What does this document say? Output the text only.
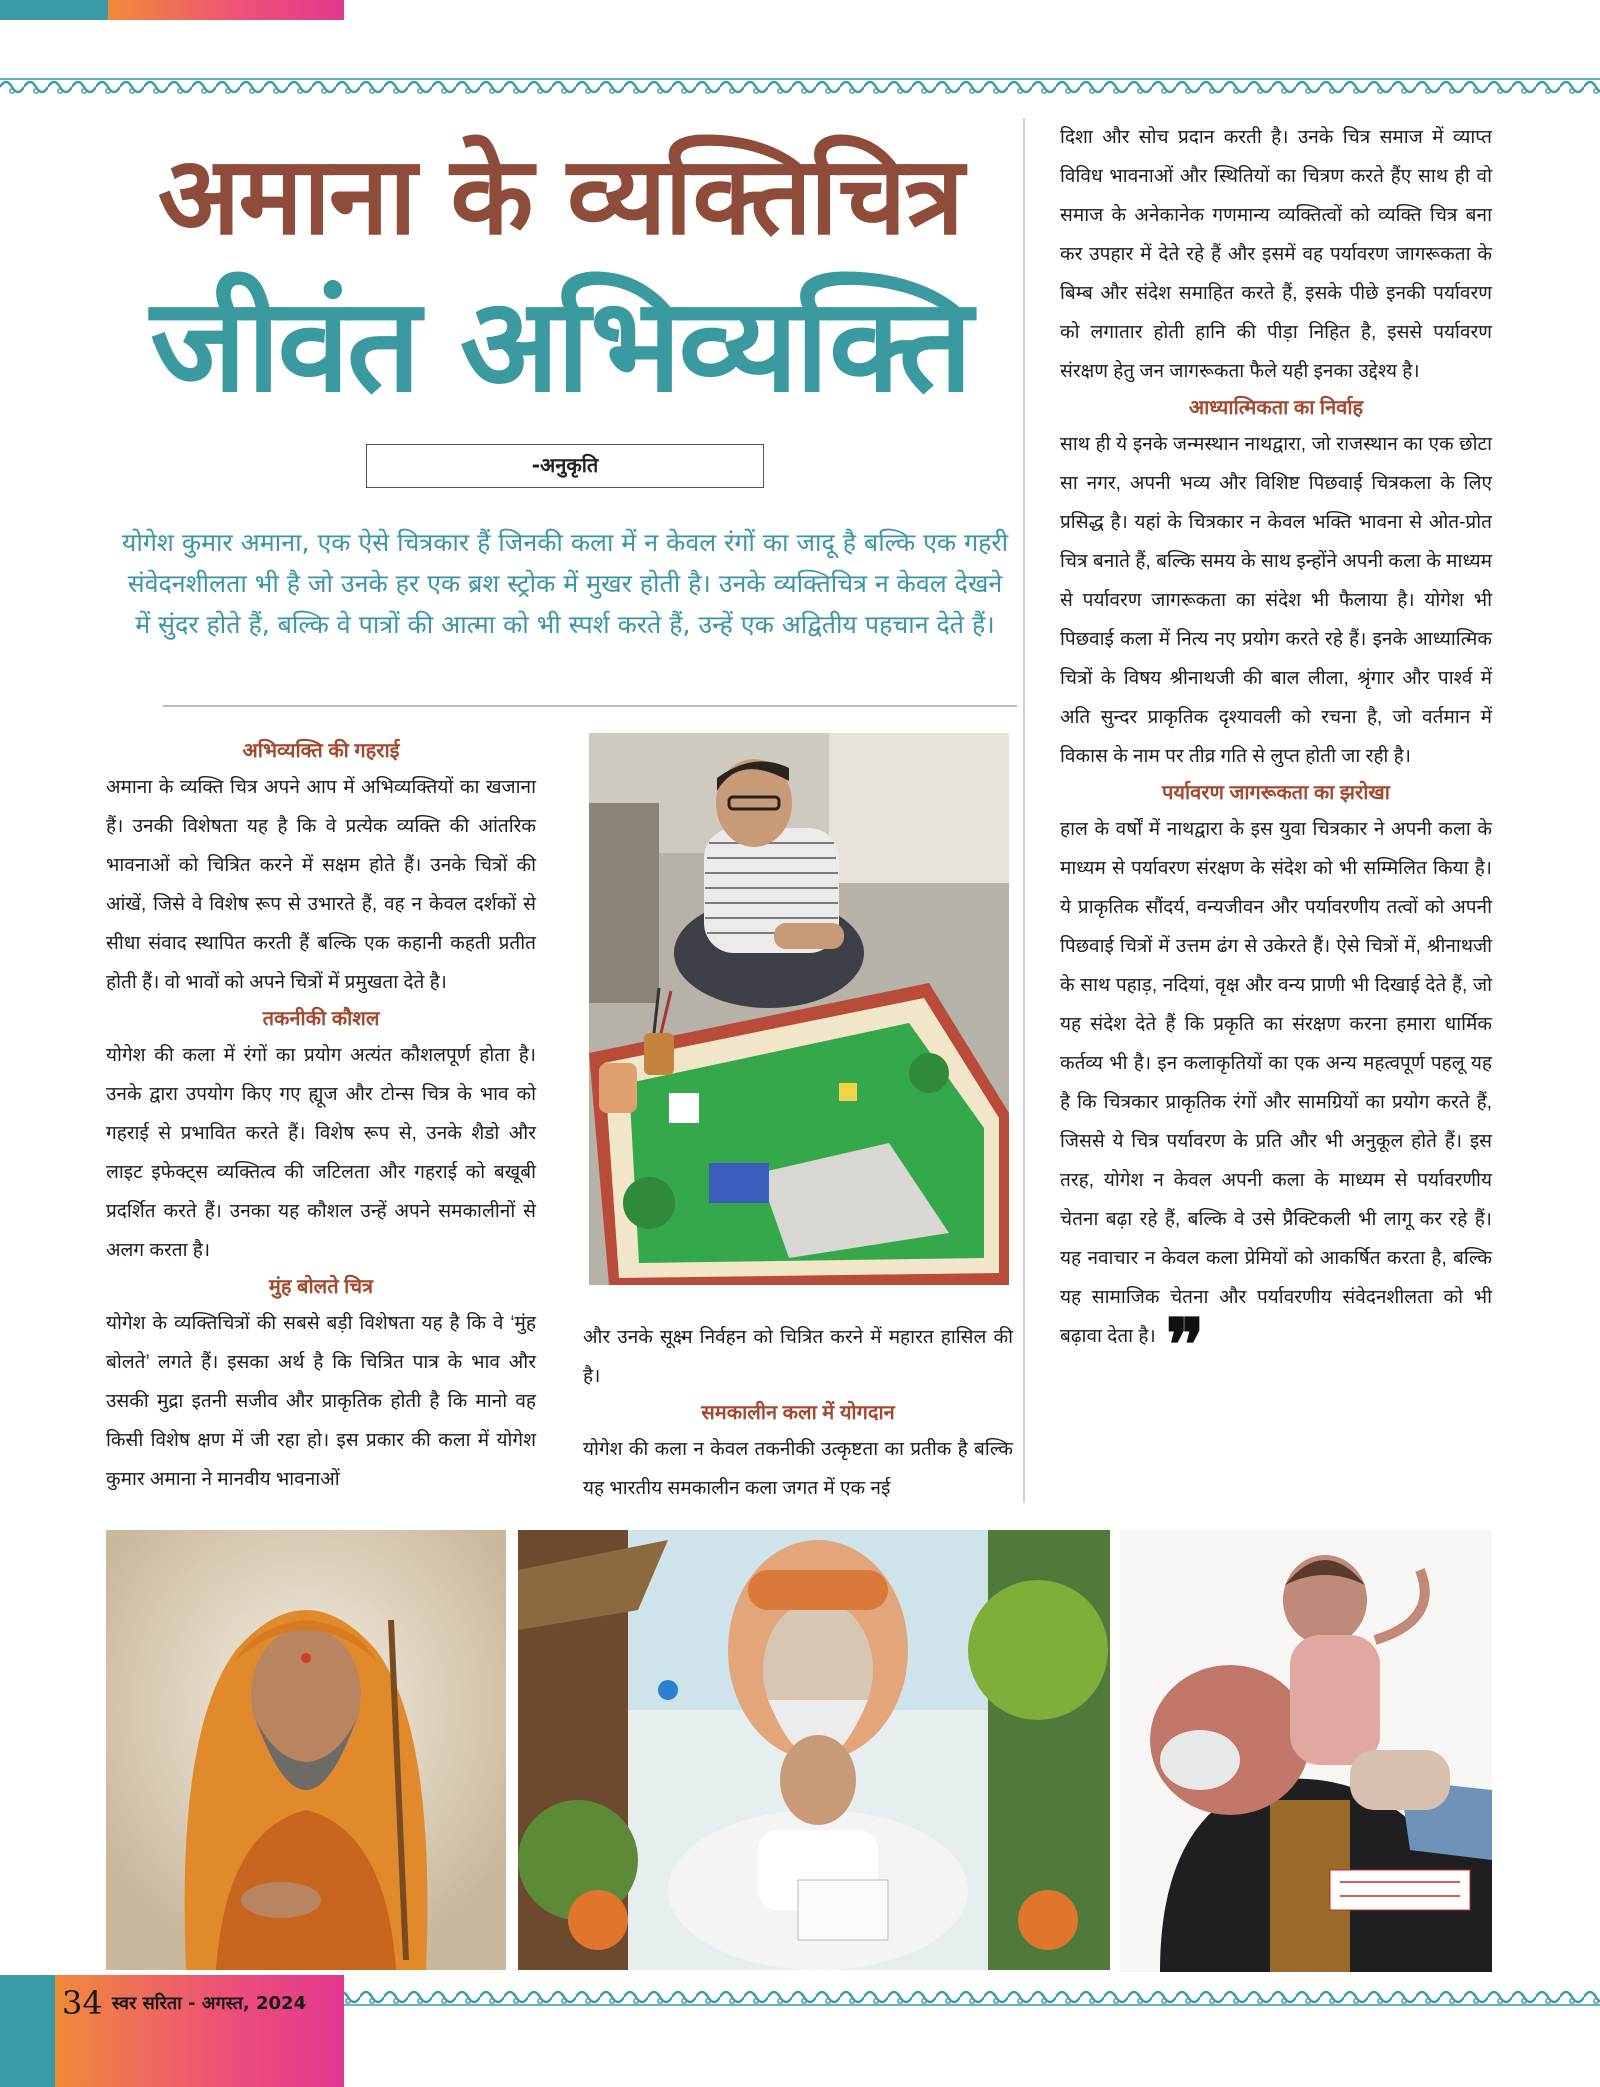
अमाना के व्यक्तिचित्र
जीवंत अभिव्यक्ति
-अनुकृति
योगेश कुमार अमाना, एक ऐसे चित्रकार हैं जिनकी कला में न केवल रंगों का जादू है बल्कि एक गहरी संवेदनशीलता भी है जो उनके हर एक ब्रश स्ट्रोक में मुखर होती है। उनके व्यक्तिचित्र न केवल देखने में सुंदर होते हैं, बल्कि वे पात्रों की आत्मा को भी स्पर्श करते हैं, उन्हें एक अद्वितीय पहचान देते हैं।
अभिव्यक्ति की गहराई

अमाना के व्यक्ति चित्र अपने आप में अभिव्यक्तियों का खजाना हैं। उनकी विशेषता यह है कि वे प्रत्येक व्यक्ति की आंतरिक भावनाओं को चित्रित करने में सक्षम होते हैं। उनके चित्रों की आंखें, जिसे वे विशेष रूप से उभारते हैं, वह न केवल दर्शकों से सीधा संवाद स्थापित करती हैं बल्कि एक कहानी कहती प्रतीत होती हैं। वो भावों को अपने चित्रों में प्रमुखता देते है।

तकनीकी कौशल

योगेश की कला में रंगों का प्रयोग अत्यंत कौशलपूर्ण होता है। उनके द्वारा उपयोग किए गए ह्यूज और टोन्स चित्र के भाव को गहराई से प्रभावित करते हैं। विशेष रूप से, उनके शैडो और लाइट इफेक्ट्स व्यक्तित्व की जटिलता और गहराई को बखूबी प्रदर्शित करते हैं। उनका यह कौशल उन्हें अपने समकालीनों से अलग करता है।

मुंह बोलते चित्र

योगेश के व्यक्तिचित्रों की सबसे बड़ी विशेषता यह है कि वे ‘मुंह बोलते’ लगते हैं। इसका अर्थ है कि चित्रित पात्र के भाव और उसकी मुद्रा इतनी सजीव और प्राकृतिक होती है कि मानो वह किसी विशेष क्षण में जी रहा हो। इस प्रकार की कला में योगेश कुमार अमाना ने मानवीय भावनाओं

और उनके सूक्ष्म निर्वहन को चित्रित करने में महारत हासिल की है।

समकालीन कला में योगदान

योगेश की कला न केवल तकनीकी उत्कृष्टता का प्रतीक है बल्कि यह भारतीय समकालीन कला जगत में एक नई

दिशा और सोच प्रदान करती है। उनके चित्र समाज में व्याप्त विविध भावनाओं और स्थितियों का चित्रण करते हैंए साथ ही वो समाज के अनेकानेक गणमान्य व्यक्तित्वों को व्यक्ति चित्र बना कर उपहार में देते रहे हैं और इसमें वह पर्यावरण जागरूकता के बिम्ब और संदेश समाहित करते हैं, इसके पीछे इनकी पर्यावरण को लगातार होती हानि की पीड़ा निहित है, इससे पर्यावरण संरक्षण हेतु जन जागरूकता फैले यही इनका उद्देश्य है।

आध्यात्मिकता का निर्वाह

साथ ही ये इनके जन्मस्थान नाथद्वारा, जो राजस्थान का एक छोटा सा नगर, अपनी भव्य और विशिष्ट पिछवाई चित्रकला के लिए प्रसिद्ध है। यहां के चित्रकार न केवल भक्ति भावना से ओत-प्रोत चित्र बनाते हैं, बल्कि समय के साथ इन्होंने अपनी कला के माध्यम से पर्यावरण जागरूकता का संदेश भी फैलाया है। योगेश भी पिछवाई कला में नित्य नए प्रयोग करते रहे हैं। इनके आध्यात्मिक चित्रों के विषय श्रीनाथजी की बाल लीला, श्रृंगार और पार्श्व में अति सुन्दर प्राकृतिक दृश्यावली को रचना है, जो वर्तमान में विकास के नाम पर तीव्र गति से लुप्त होती जा रही है।

पर्यावरण जागरूकता का झरोखा

हाल के वर्षों में नाथद्वारा के इस युवा चित्रकार ने अपनी कला के माध्यम से पर्यावरण संरक्षण के संदेश को भी सम्मिलित किया है। ये प्राकृतिक सौंदर्य, वन्यजीवन और पर्यावरणीय तत्वों को अपनी पिछवाई चित्रों में उत्तम ढंग से उकेरते हैं। ऐसे चित्रों में, श्रीनाथजी के साथ पहाड़, नदियां, वृक्ष और वन्य प्राणी भी दिखाई देते हैं, जो यह संदेश देते हैं कि प्रकृति का संरक्षण करना हमारा धार्मिक कर्तव्य भी है। इन कलाकृतियों का एक अन्य महत्वपूर्ण पहलू यह है कि चित्रकार प्राकृतिक रंगों और सामग्रियों का प्रयोग करते हैं, जिससे ये चित्र पर्यावरण के प्रति और भी अनुकूल होते हैं। इस तरह, योगेश न केवल अपनी कला के माध्यम से पर्यावरणीय चेतना बढ़ा रहे हैं, बल्कि वे उसे प्रैक्टिकली भी लागू कर रहे हैं। यह नवाचार न केवल कला प्रेमियों को आकर्षित करता है, बल्कि यह सामाजिक चेतना और पर्यावरणीय संवेदनशीलता को भी बढ़ावा देता है। ❞

34 स्वर सरिता - अगस्त, 2024
